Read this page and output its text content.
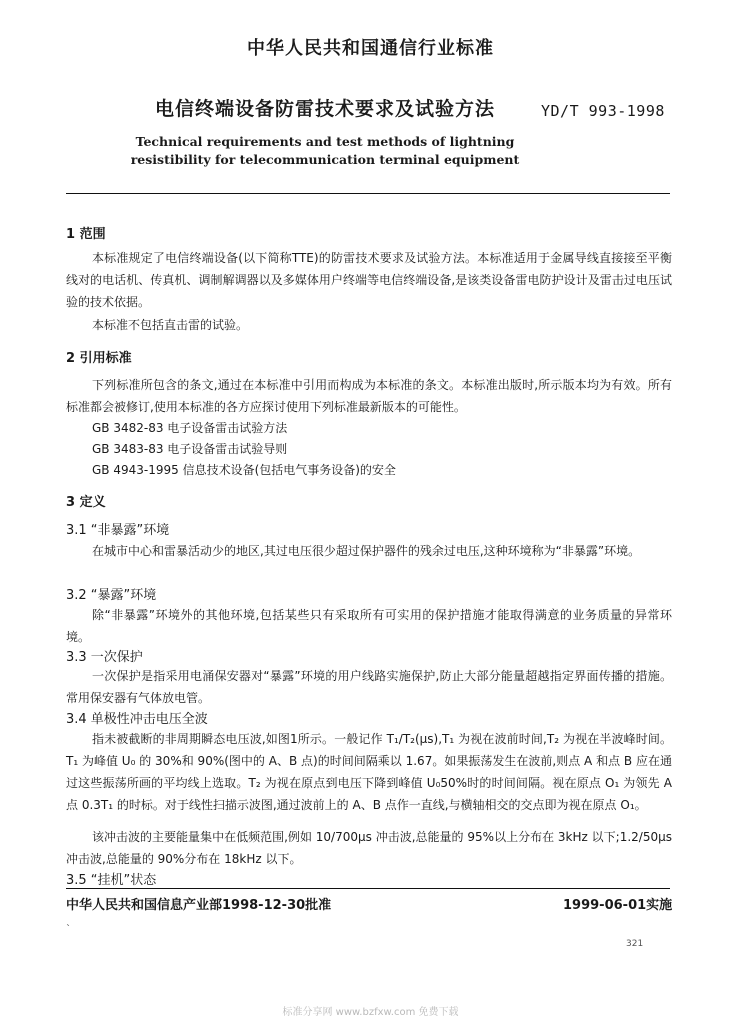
中华人民共和国通信行业标准
电信终端设备防雷技术要求及试验方法	YD/T 993-1998
Technical requirements and test methods of lightning
resistibility for telecommunication terminal equipment
1 范围
本标准规定了电信终端设备(以下简称TTE)的防雷技术要求及试验方法。本标准适用于金属导线直接接至平衡线对的电话机、传真机、调制解调器以及多媒体用户终端等电信终端设备,是该类设备雷电防护设计及雷击过电压试验的技术依据。
本标准不包括直击雷的试验。
2 引用标准
下列标准所包含的条文,通过在本标准中引用而构成为本标准的条文。本标准出版时,所示版本均为有效。所有标准都会被修订,使用本标准的各方应探讨使用下列标准最新版本的可能性。
GB 3482-83 电子设备雷击试验方法
GB 3483-83 电子设备雷击试验导则
GB 4943-1995 信息技术设备(包括电气事务设备)的安全
3 定义
3.1 “非暴露”环境
在城市中心和雷暴活动少的地区,其过电压很少超过保护器件的残余过电压,这种环境称为“非暴露”环境。
3.2 “暴露”环境
除“非暴露”环境外的其他环境,包括某些只有采取所有可实用的保护措施才能取得满意的业务质量的异常环境。
3.3 一次保护
一次保护是指采用电涌保安器对“暴露”环境的用户线路实施保护,防止大部分能量超越指定界面传播的措施。常用保安器有气体放电管。
3.4 单极性冲击电压全波
指未被截断的非周期瞬态电压波,如图1所示。一般记作 T₁/T₂(μs),T₁ 为视在波前时间,T₂ 为视在半波峰时间。T₁ 为峰值 U₀ 的 30%和 90%(图中的 A、B 点)的时间间隔乘以 1.67。如果振荡发生在波前,则点 A 和点 B 应在通过这些振荡所画的平均线上选取。T₂ 为视在原点到电压下降到峰值 U₀50%时的时间间隔。视在原点 O₁ 为领先 A 点 0.3T₁ 的时标。对于线性扫描示波图,通过波前上的 A、B 点作一直线,与横轴相交的交点即为视在原点 O₁。
该冲击波的主要能量集中在低频范围,例如 10/700μs 冲击波,总能量的 95%以上分布在 3kHz 以下;1.2/50μs 冲击波,总能量的 90%分布在 18kHz 以下。
3.5 “挂机”状态
中华人民共和国信息产业部1998-12-30批准	1999-06-01实施
`
321
标准分享网 www.bzfxw.com 免费下载
